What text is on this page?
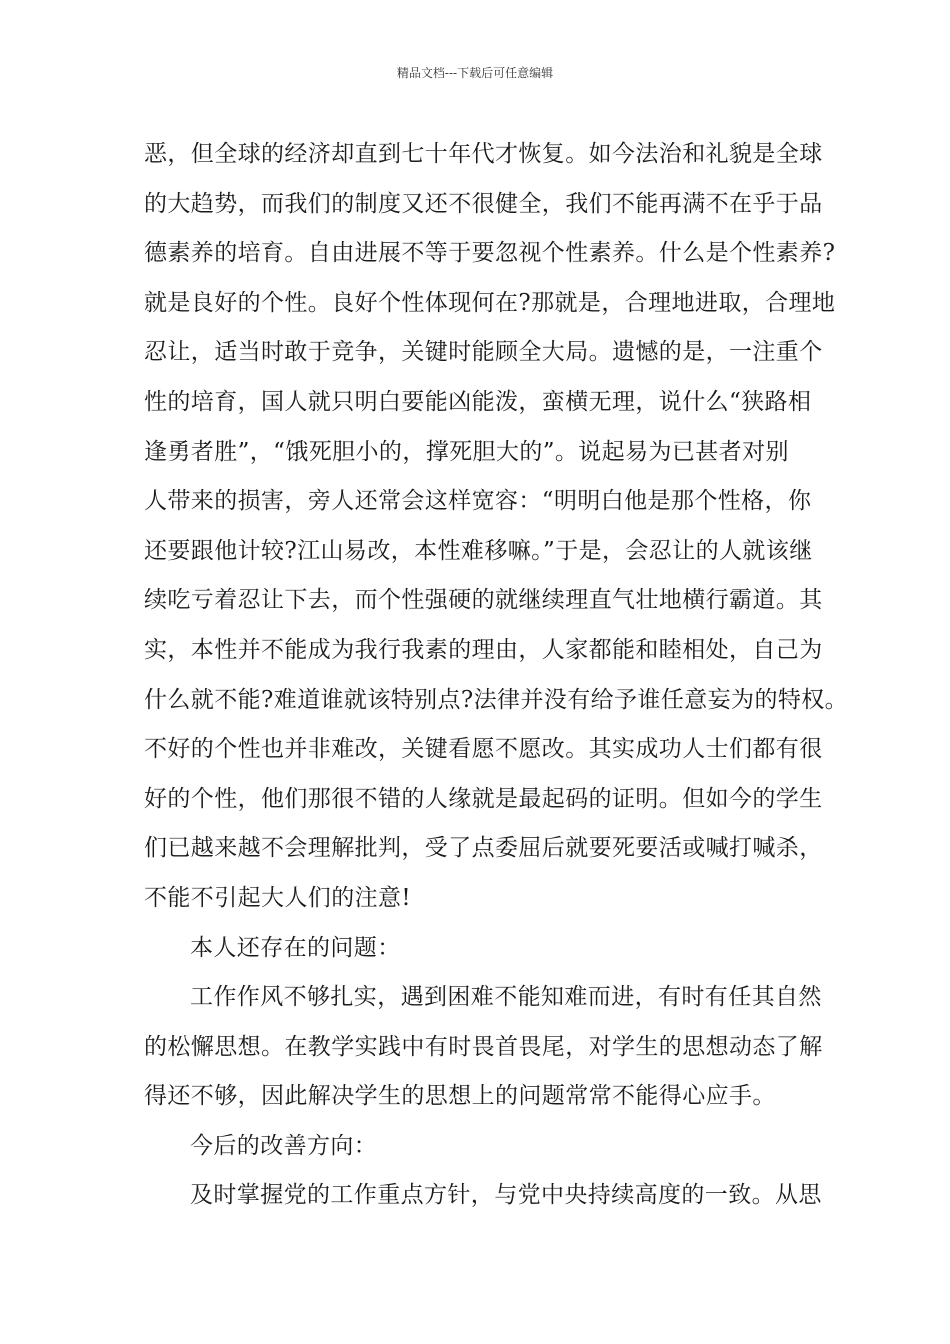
精品文档---下载后可任意编辑
恶，但全球的经济却直到七十年代才恢复。如今法治和礼貌是全球
的大趋势，而我们的制度又还不很健全，我们不能再满不在乎于品
德素养的培育。自由进展不等于要忽视个性素养。什么是个性素养?
就是良好的个性。良好个性体现何在?那就是，合理地进取，合理地
忍让，适当时敢于竞争，关键时能顾全大局。遗憾的是，一注重个
性的培育，国人就只明白要能凶能泼，蛮横无理，说什么“狭路相
逢勇者胜”，“饿死胆小的，撑死胆大的”。说起易为已甚者对别
人带来的损害，旁人还常会这样宽容：“明明白他是那个性格，你
还要跟他计较?江山易改，本性难移嘛。”于是，会忍让的人就该继
续吃亏着忍让下去，而个性强硬的就继续理直气壮地横行霸道。其
实，本性并不能成为我行我素的理由，人家都能和睦相处，自己为
什么就不能?难道谁就该特别点?法律并没有给予谁任意妄为的特权。
不好的个性也并非难改，关键看愿不愿改。其实成功人士们都有很
好的个性，他们那很不错的人缘就是最起码的证明。但如今的学生
们已越来越不会理解批判，受了点委屈后就要死要活或喊打喊杀，
不能不引起大人们的注意!
本人还存在的问题：
工作作风不够扎实，遇到困难不能知难而进，有时有任其自然
的松懈思想。在教学实践中有时畏首畏尾，对学生的思想动态了解
得还不够，因此解决学生的思想上的问题常常不能得心应手。
今后的改善方向：
及时掌握党的工作重点方针，与党中央持续高度的一致。从思
